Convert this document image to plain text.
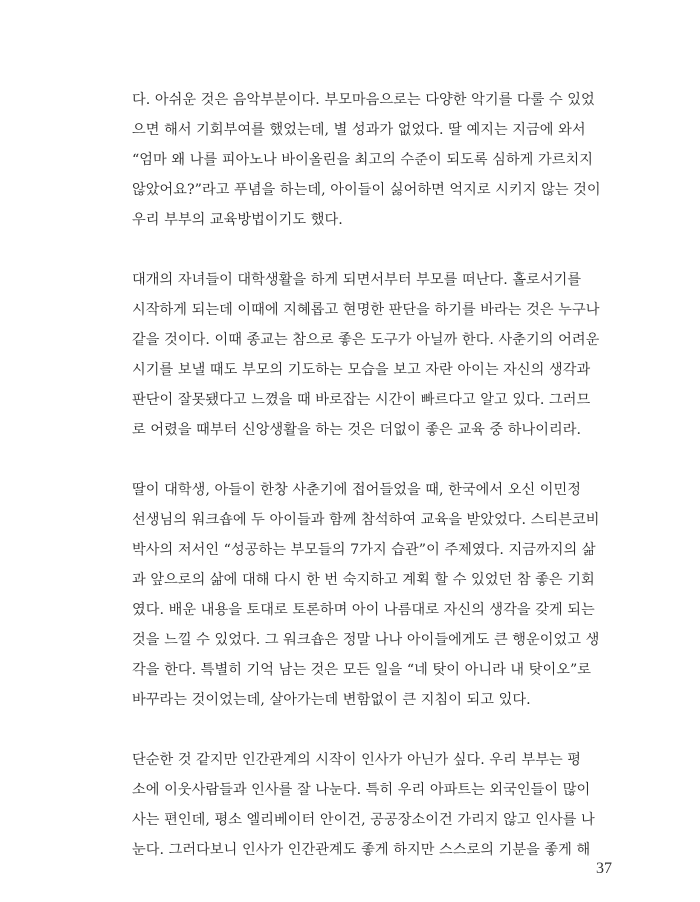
다. 아쉬운 것은 음악부분이다. 부모마음으로는 다양한 악기를 다룰 수 있었
으면 해서 기회부여를 했었는데, 별 성과가 없었다. 딸 예지는 지금에 와서
“엄마 왜 나를 피아노나 바이올린을 최고의 수준이 되도록 심하게 가르치지
않았어요?”라고 푸념을 하는데, 아이들이 싫어하면 억지로 시키지 않는 것이
우리 부부의 교육방법이기도 했다.
대개의 자녀들이 대학생활을 하게 되면서부터 부모를 떠난다. 홀로서기를
시작하게 되는데 이때에 지혜롭고 현명한 판단을 하기를 바라는 것은 누구나
같을 것이다. 이때 종교는 참으로 좋은 도구가 아닐까 한다. 사춘기의 어려운
시기를 보낼 때도 부모의 기도하는 모습을 보고 자란 아이는 자신의 생각과
판단이 잘못됐다고 느꼈을 때 바로잡는 시간이 빠르다고 알고 있다. 그러므
로 어렸을 때부터 신앙생활을 하는 것은 더없이 좋은 교육 중 하나이리라.
딸이 대학생, 아들이 한창 사춘기에 접어들었을 때, 한국에서 오신 이민정
선생님의 워크숍에 두 아이들과 함께 참석하여 교육을 받았었다. 스티븐코비
박사의 저서인 “성공하는 부모들의 7가지 습관”이 주제였다. 지금까지의 삶
과 앞으로의 삶에 대해 다시 한 번 숙지하고 계획 할 수 있었던 참 좋은 기회
였다. 배운 내용을 토대로 토론하며 아이 나름대로 자신의 생각을 갖게 되는
것을 느낄 수 있었다. 그 워크숍은 정말 나나 아이들에게도 큰 행운이었고 생
각을 한다. 특별히 기억 남는 것은 모든 일을 “네 탓이 아니라 내 탓이오”로
바꾸라는 것이었는데, 살아가는데 변함없이 큰 지침이 되고 있다.
단순한 것 같지만 인간관계의 시작이 인사가 아닌가 싶다. 우리 부부는 평
소에 이웃사람들과 인사를 잘 나눈다. 특히 우리 아파트는 외국인들이 많이
사는 편인데, 평소 엘리베이터 안이건, 공공장소이건 가리지 않고 인사를 나
눈다. 그러다보니 인사가 인간관계도 좋게 하지만 스스로의 기분을 좋게 해
37
